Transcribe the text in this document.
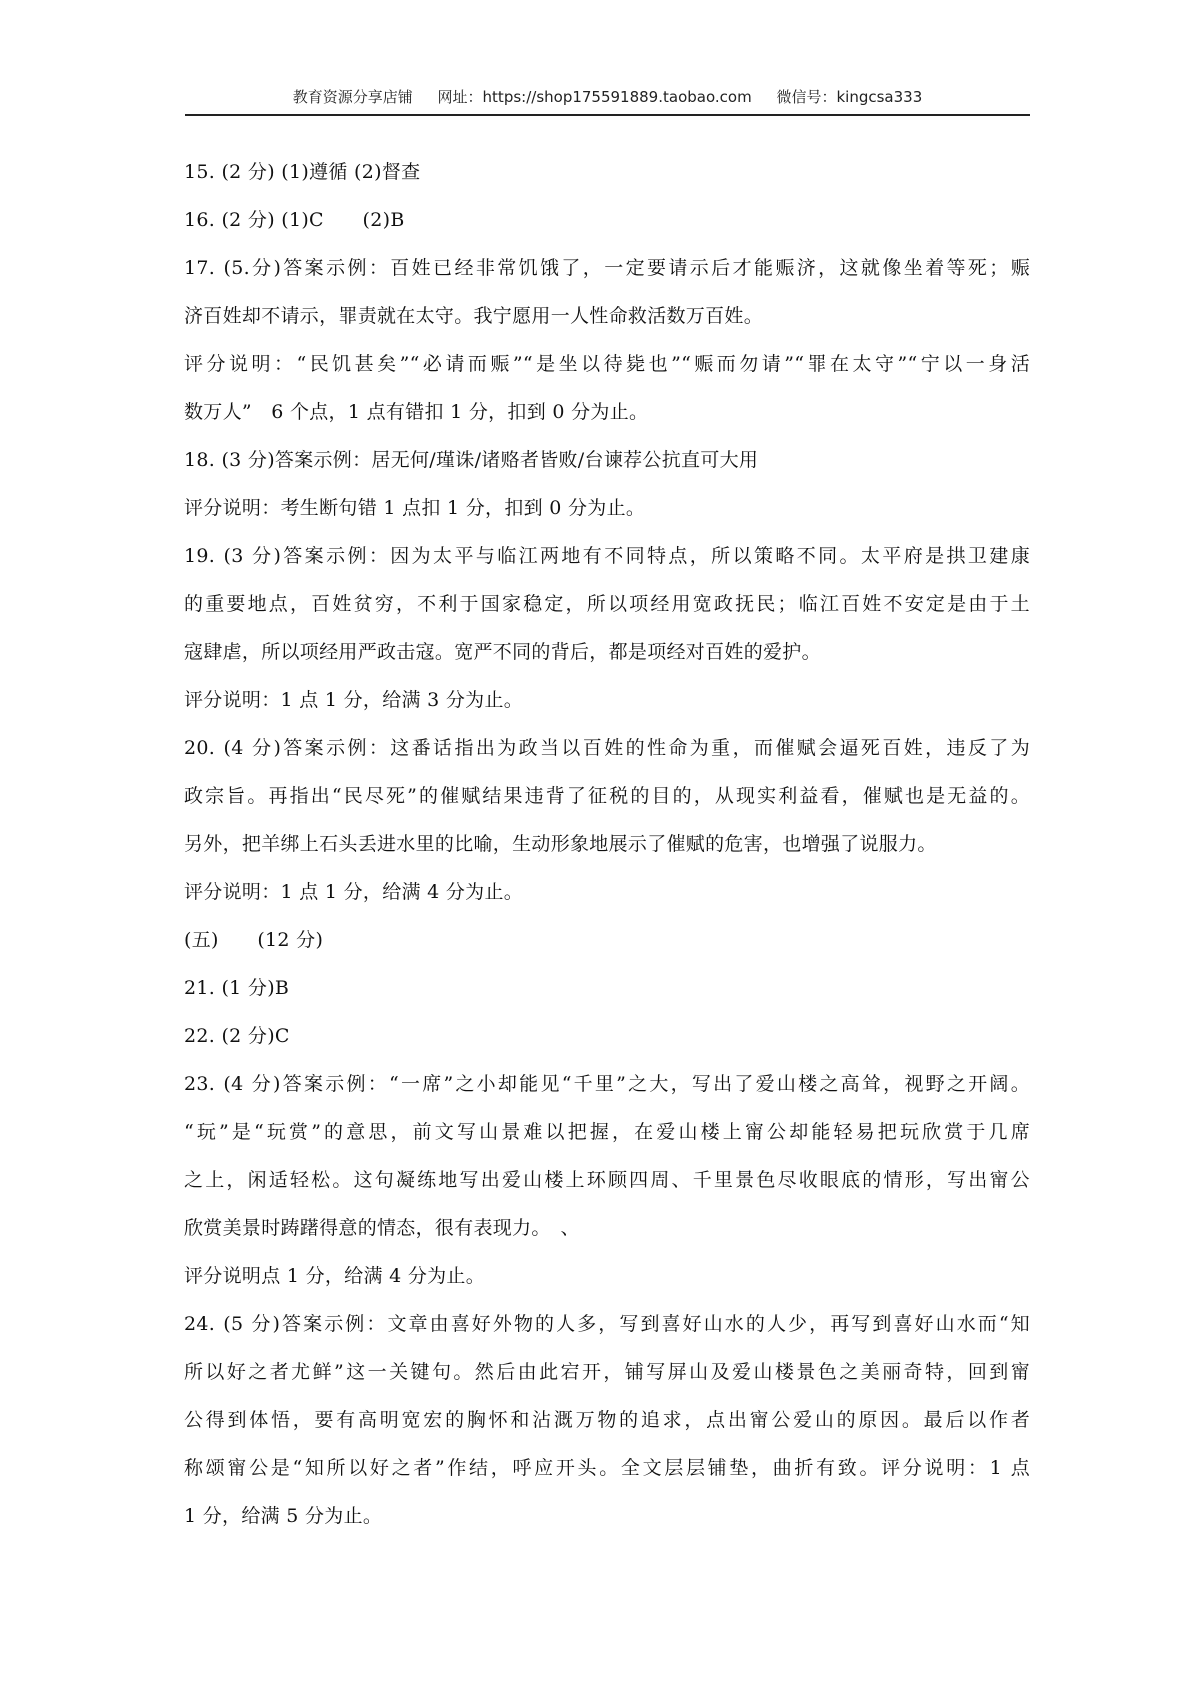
教育资源分享店铺 网址：https://shop175591889.taobao.com 微信号：kingcsa333
15. (2 分) (1)遵循 (2)督查
16. (2 分) (1)C　　(2)B
17. (5.分)答案示例：百姓已经非常饥饿了，一定要请示后才能赈济，这就像坐着等死；赈
济百姓却不请示，罪责就在太守。我宁愿用一人性命救活数万百姓。
评分说明：“民饥甚矣”“必请而赈”“是坐以待毙也”“赈而勿请”“罪在太守”“宁以一身活
数万人”　6 个点，1 点有错扣 1 分，扣到 0 分为止。
18. (3 分)答案示例：居无何/瑾诛/诸赂者皆败/台谏荐公抗直可大用
评分说明：考生断句错 1 点扣 1 分，扣到 0 分为止。
19. (3 分)答案示例：因为太平与临江两地有不同特点，所以策略不同。太平府是拱卫建康
的重要地点，百姓贫穷，不利于国家稳定，所以项经用宽政抚民；临江百姓不安定是由于土
寇肆虐，所以项经用严政击寇。宽严不同的背后，都是项经对百姓的爱护。
评分说明：1 点 1 分，给满 3 分为止。
20. (4 分)答案示例：这番话指出为政当以百姓的性命为重，而催赋会逼死百姓，违反了为
政宗旨。再指出“民尽死”的催赋结果违背了征税的目的，从现实利益看，催赋也是无益的。
另外，把羊绑上石头丢进水里的比喻，生动形象地展示了催赋的危害，也增强了说服力。
评分说明：1 点 1 分，给满 4 分为止。
(五)　　(12 分)
21. (1 分)B
22. (2 分)C
23. (4 分)答案示例：“一席”之小却能见“千里”之大，写出了爱山楼之高耸，视野之开阔。
“玩”是“玩赏”的意思，前文写山景难以把握，在爱山楼上甯公却能轻易把玩欣赏于几席
之上，闲适轻松。这句凝练地写出爱山楼上环顾四周、千里景色尽收眼底的情形，写出甯公
欣赏美景时踌躇得意的情态，很有表现力。　、
评分说明点 1 分，给满 4 分为止。
24. (5 分)答案示例：文章由喜好外物的人多，写到喜好山水的人少，再写到喜好山水而“知
所以好之者尤鲜”这一关键句。然后由此宕开，铺写屏山及爱山楼景色之美丽奇特，回到甯
公得到体悟，要有高明宽宏的胸怀和沾溉万物的追求，点出甯公爱山的原因。最后以作者
称颂甯公是“知所以好之者”作结，呼应开头。全文层层铺垫，曲折有致。评分说明：1 点
1 分，给满 5 分为止。
